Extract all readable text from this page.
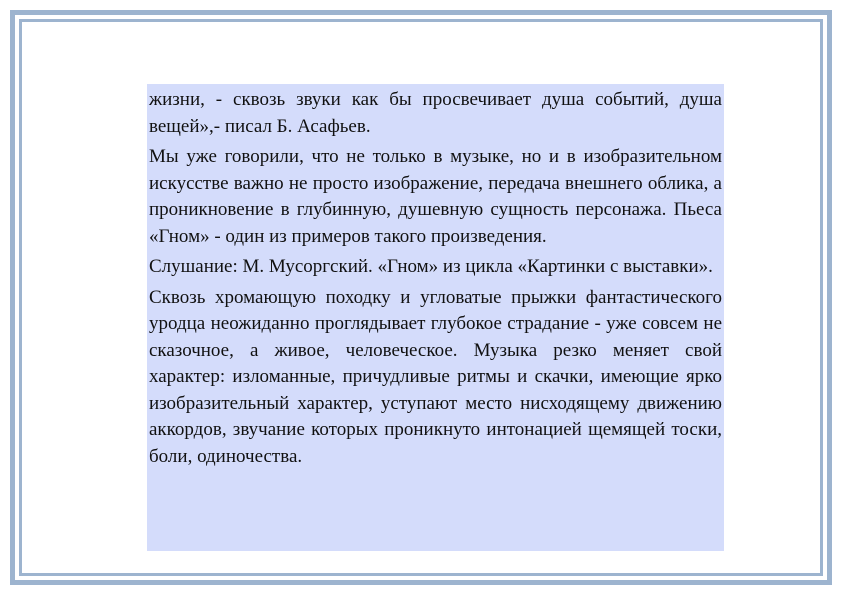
жизни, - сквозь звуки как бы просвечивает душа событий, душа вещей»,- писал Б. Асафьев.

Мы уже говорили, что не только в музыке, но и в изобразительном искусстве важно не просто изображение, передача внешнего облика, а проникновение в глубинную, душевную сущность персонажа. Пьеса «Гном» - один из примеров такого произведения.

Слушание: М. Мусоргский. «Гном» из цикла «Картинки с выставки».

Сквозь хромающую походку и угловатые прыжки фантастического уродца неожиданно проглядывает глубокое страдание - уже совсем не сказочное, а живое, человеческое. Музыка резко меняет свой характер: изломанные, причудливые ритмы и скачки, имеющие ярко изобразительный характер, уступают место нисходящему движению аккордов, звучание которых проникнуто интонацией щемящей тоски, боли, одиночества.
